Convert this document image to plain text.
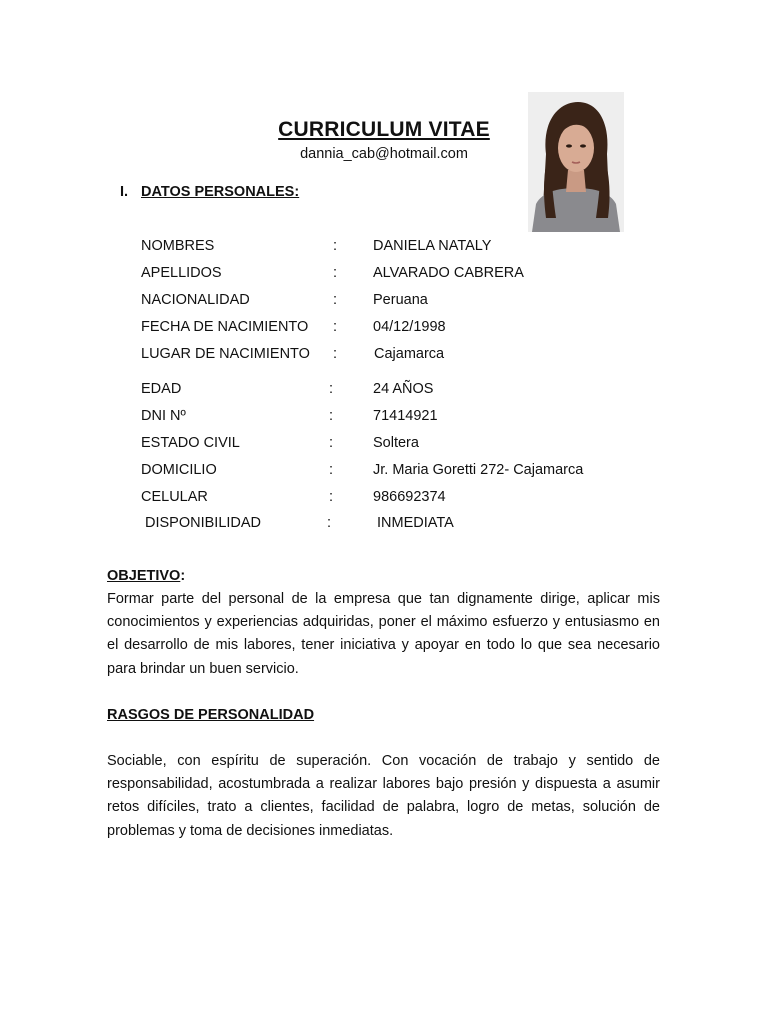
CURRICULUM VITAE
dannia_cab@hotmail.com
I. DATOS PERSONALES:
NOMBRES	: DANIELA NATALY
APELLIDOS	: ALVARADO CABRERA
NACIONALIDAD	: Peruana
FECHA DE NACIMIENTO : 04/12/1998
LUGAR DE NACIMIENTO :	Cajamarca
EDAD	:	24 AÑOS
DNI Nº	:	71414921
ESTADO CIVIL	:	Soltera
DOMICILIO	:	Jr. Maria Goretti 272- Cajamarca
CELULAR	:	986692374
DISPONIBILIDAD	:	INMEDIATA
OBJETIVO:
Formar parte del personal de la empresa que tan dignamente dirige, aplicar mis conocimientos y experiencias adquiridas, poner el máximo esfuerzo y entusiasmo en el desarrollo de mis labores, tener iniciativa y apoyar en todo lo que sea necesario para brindar un buen servicio.
RASGOS DE PERSONALIDAD
Sociable, con espíritu de superación. Con vocación de trabajo y sentido de responsabilidad, acostumbrada a realizar labores bajo presión y dispuesta a asumir retos difíciles, trato a clientes, facilidad de palabra, logro de metas, solución de problemas y toma de decisiones inmediatas.
